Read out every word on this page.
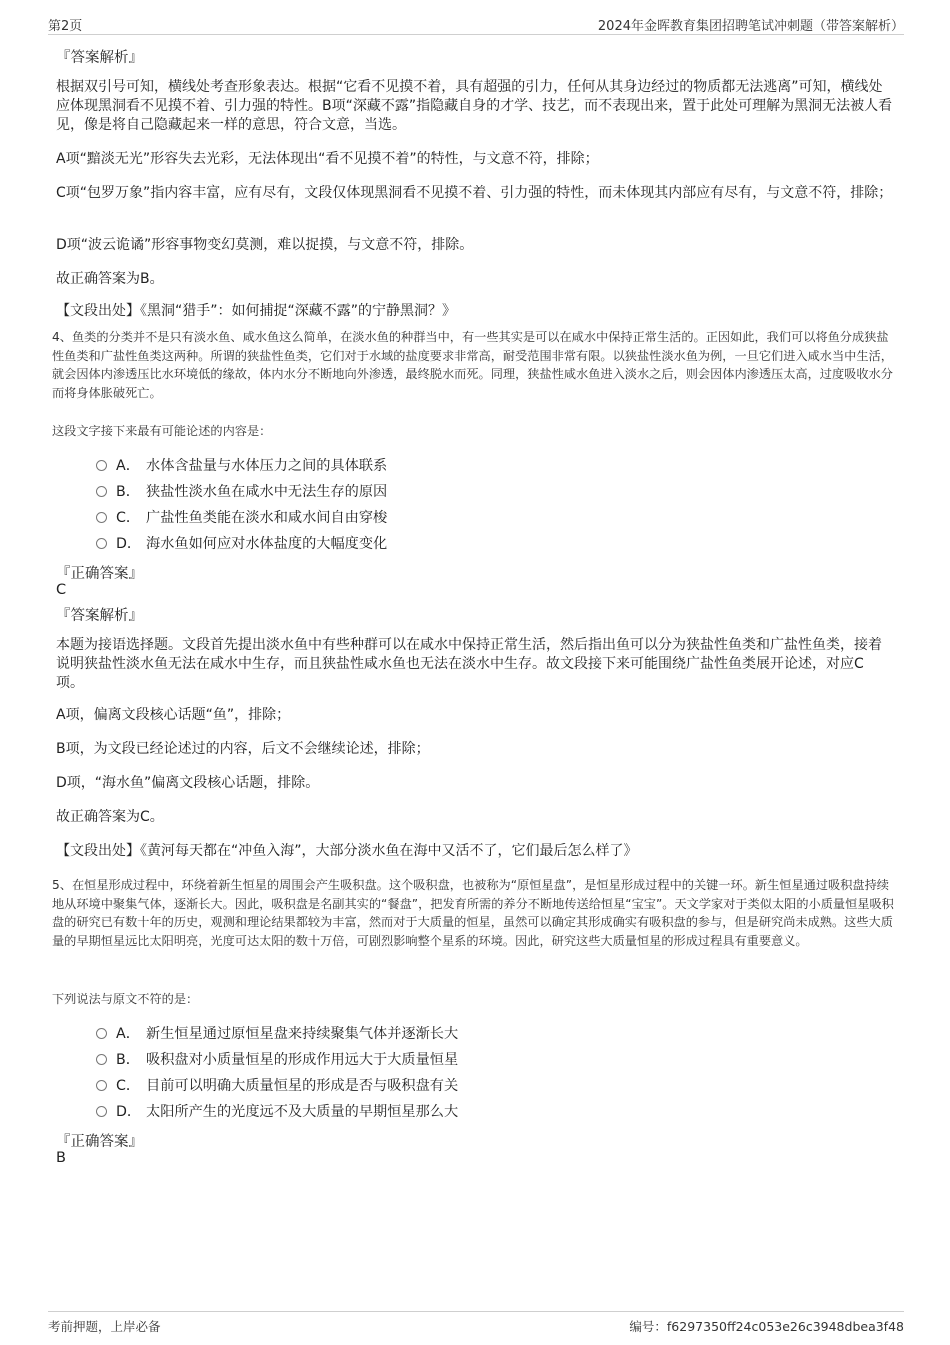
第2页	2024年金晖教育集团招聘笔试冲刺题（带答案解析）
『答案解析』
根据双引号可知，横线处考查形象表达。根据“它看不见摸不着，具有超强的引力，任何从其身边经过的物质都无法逃离”可知，横线处应体现黑洞看不见摸不着、引力强的特性。B项“深藏不露”指隐藏自身的才学、技艺，而不表现出来，置于此处可理解为黑洞无法被人看见，像是将自己隐藏起来一样的意思，符合文意，当选。
A项“黯淡无光”形容失去光彩，无法体现出“看不见摸不着”的特性，与文意不符，排除；
C项“包罗万象”指内容丰富，应有尽有，文段仅体现黑洞看不见摸不着、引力强的特性，而未体现其内部应有尽有，与文意不符，排除；
D项“波云诡谲”形容事物变幻莫测，难以捉摸，与文意不符，排除。
故正确答案为B。
【文段出处】《黑洞“猎手”：如何捕捉“深藏不露”的宁静黑洞？》
4、鱼类的分类并不是只有淡水鱼、咸水鱼这么简单，在淡水鱼的种群当中，有一些其实是可以在咸水中保持正常生活的。正因如此，我们可以将鱼分成狭盐性鱼类和广盐性鱼类这两种。所谓的狭盐性鱼类，它们对于水域的盐度要求非常高，耐受范围非常有限。以狭盐性淡水鱼为例，一旦它们进入咸水当中生活，就会因体内渗透压比水环境低的缘故，体内水分不断地向外渗透，最终脱水而死。同理，狭盐性咸水鱼进入淡水之后，则会因体内渗透压太高，过度吸收水分而将身体胀破死亡。
这段文字接下来最有可能论述的内容是：
A． 水体含盐量与水体压力之间的具体联系
B． 狭盐性淡水鱼在咸水中无法生存的原因
C． 广盐性鱼类能在淡水和咸水间自由穿梭
D． 海水鱼如何应对水体盐度的大幅度变化
『正确答案』
C
『答案解析』
本题为接语选择题。文段首先提出淡水鱼中有些种群可以在咸水中保持正常生活，然后指出鱼可以分为狭盐性鱼类和广盐性鱼类，接着说明狭盐性淡水鱼无法在咸水中生存，而且狭盐性咸水鱼也无法在淡水中生存。故文段接下来可能围绕广盐性鱼类展开论述，对应C项。
A项，偏离文段核心话题“鱼”，排除；
B项，为文段已经论述过的内容，后文不会继续论述，排除；
D项，“海水鱼”偏离文段核心话题，排除。
故正确答案为C。
【文段出处】《黄河每天都在“冲鱼入海”，大部分淡水鱼在海中又活不了，它们最后怎么样了》
5、在恒星形成过程中，环绕着新生恒星的周围会产生吸积盘。这个吸积盘，也被称为“原恒星盘”，是恒星形成过程中的关键一环。新生恒星通过吸积盘持续地从环境中聚集气体，逐渐长大。因此，吸积盘是名副其实的“餐盘”，把发育所需的养分不断地传送给恒星“宝宝”。天文学家对于类似太阳的小质量恒星吸积盘的研究已有数十年的历史，观测和理论结果都较为丰富，然而对于大质量的恒星，虽然可以确定其形成确实有吸积盘的参与，但是研究尚未成熟。这些大质量的早期恒星远比太阳明亮，光度可达太阳的数十万倍，可剧烈影响整个星系的环境。因此，研究这些大质量恒星的形成过程具有重要意义。
下列说法与原文不符的是：
A． 新生恒星通过原恒星盘来持续聚集气体并逐渐长大
B． 吸积盘对小质量恒星的形成作用远大于大质量恒星
C． 目前可以明确大质量恒星的形成是否与吸积盘有关
D． 太阳所产生的光度远不及大质量的早期恒星那么大
『正确答案』
B
考前押题，上岸必备	编号：f6297350ff24c053e26c3948dbea3f48
